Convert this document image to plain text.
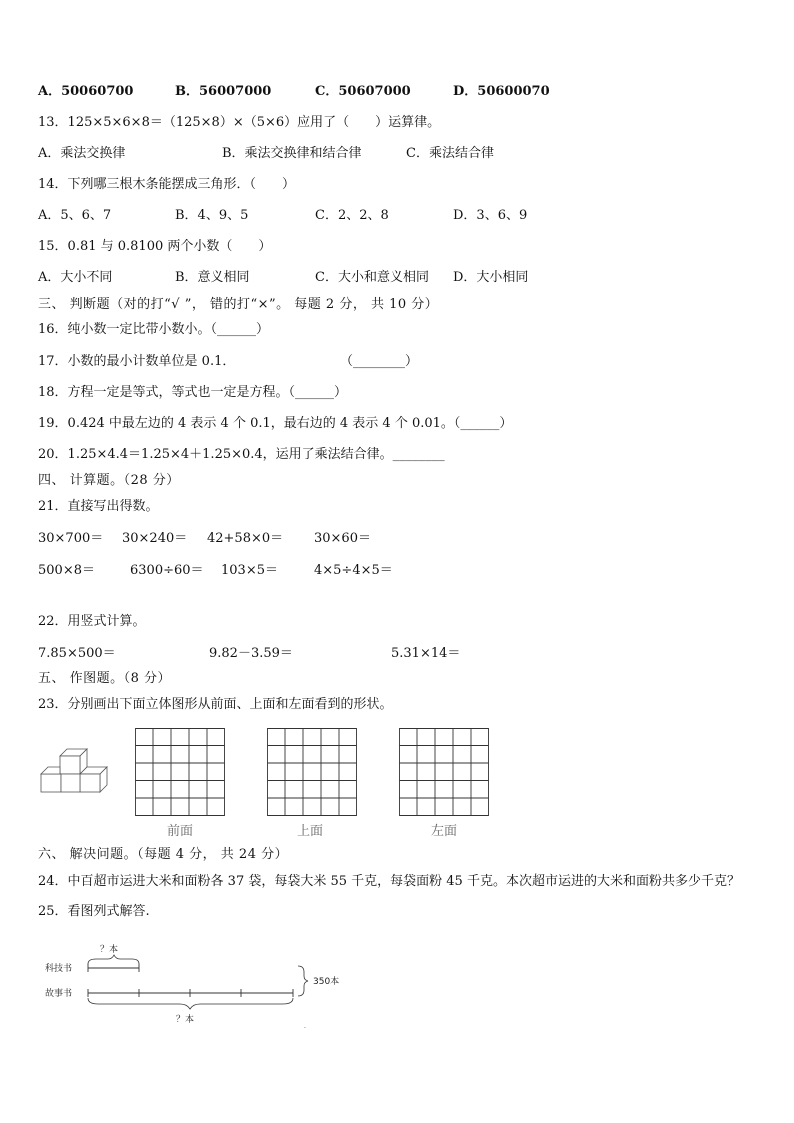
A．50060700	B．56007000	C．50607000	D．50600070
13．125×5×6×8＝（125×8）×（5×6）应用了（　　）运算律。
A．乘法交换律	B．乘法交换律和结合律	C．乘法结合律
14．下列哪三根木条能摆成三角形．（　　）
A．5、6、7	B．4、9、5	C．2、2、8	D．3、6、9
15．0.81 与 0.8100 两个小数（　　）
A．大小不同	B．意义相同	C．大小和意义相同 D．大小相同
三、 判断题（对的打“√ ”， 错的打“×”。 每题 2 分， 共 10 分）
16．纯小数一定比带小数小。（______）
17．小数的最小计数单位是 0.1．	（________）
18．方程一定是等式，等式也一定是方程。（______）
19．0.424 中最左边的 4 表示 4 个 0.1，最右边的 4 表示 4 个 0.01。（______）
20．1.25×4.4＝1.25×4＋1.25×0.4，运用了乘法结合律。________
四、 计算题。（28 分）
21．直接写出得数。
30×700＝ 30×240＝ 42+58×0＝ 30×60＝
500×8＝	6300÷60＝ 103×5＝	4×5÷4×5＝
22．用竖式计算。
7.85×500＝	9.82－3.59＝	5.31×14＝
五、 作图题。（8 分）
23．分别画出下面立体图形从前面、上面和左面看到的形状。
前面	上面	左面
六、 解决问题。（每题 4 分， 共 24 分）
24．中百超市运进大米和面粉各 37 袋，每袋大米 55 千克，每袋面粉 45 千克。本次超市运进的大米和面粉共多少千克？
25．看图列式解答.
？本
科技书
故事书
？本
350本
.
